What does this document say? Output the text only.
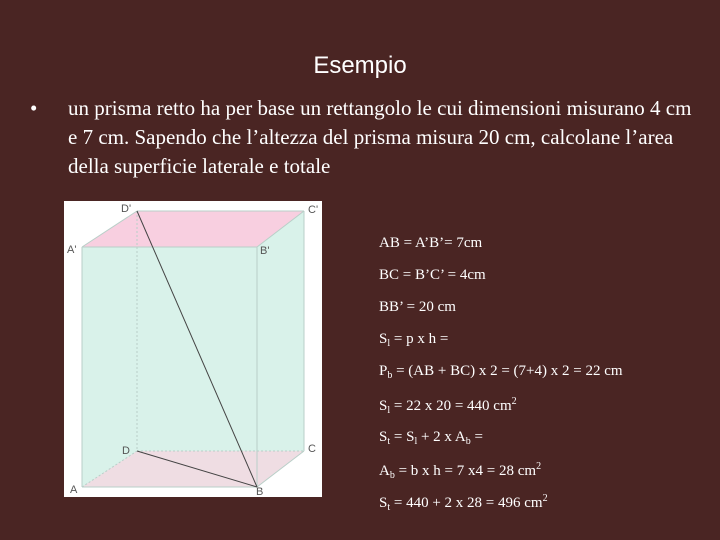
Esempio
• un prisma retto ha per base un rettangolo le cui dimensioni misurano 4 cm e 7 cm. Sapendo che l’altezza del prisma misura 20 cm, calcolane l’area della superficie laterale e totale
D'	C'
A'	B'
D	C
A	B
AB = A’B’= 7cm
BC = B’C’ = 4cm
BB’ = 20 cm
$S_l = p$ x h =
$P_b = (AB + BC)$ x 2 = (7+4) x 2 = 22 cm
$S_l = 22$ x 20 = 440 $cm^2$
$S_t = S_l + 2$ x $A_b$ =
$A_b = b$ x h = 7 x4 = 28 $cm^2$
$S_t = 440 + 2$ x 28 = 496 $cm^2$
